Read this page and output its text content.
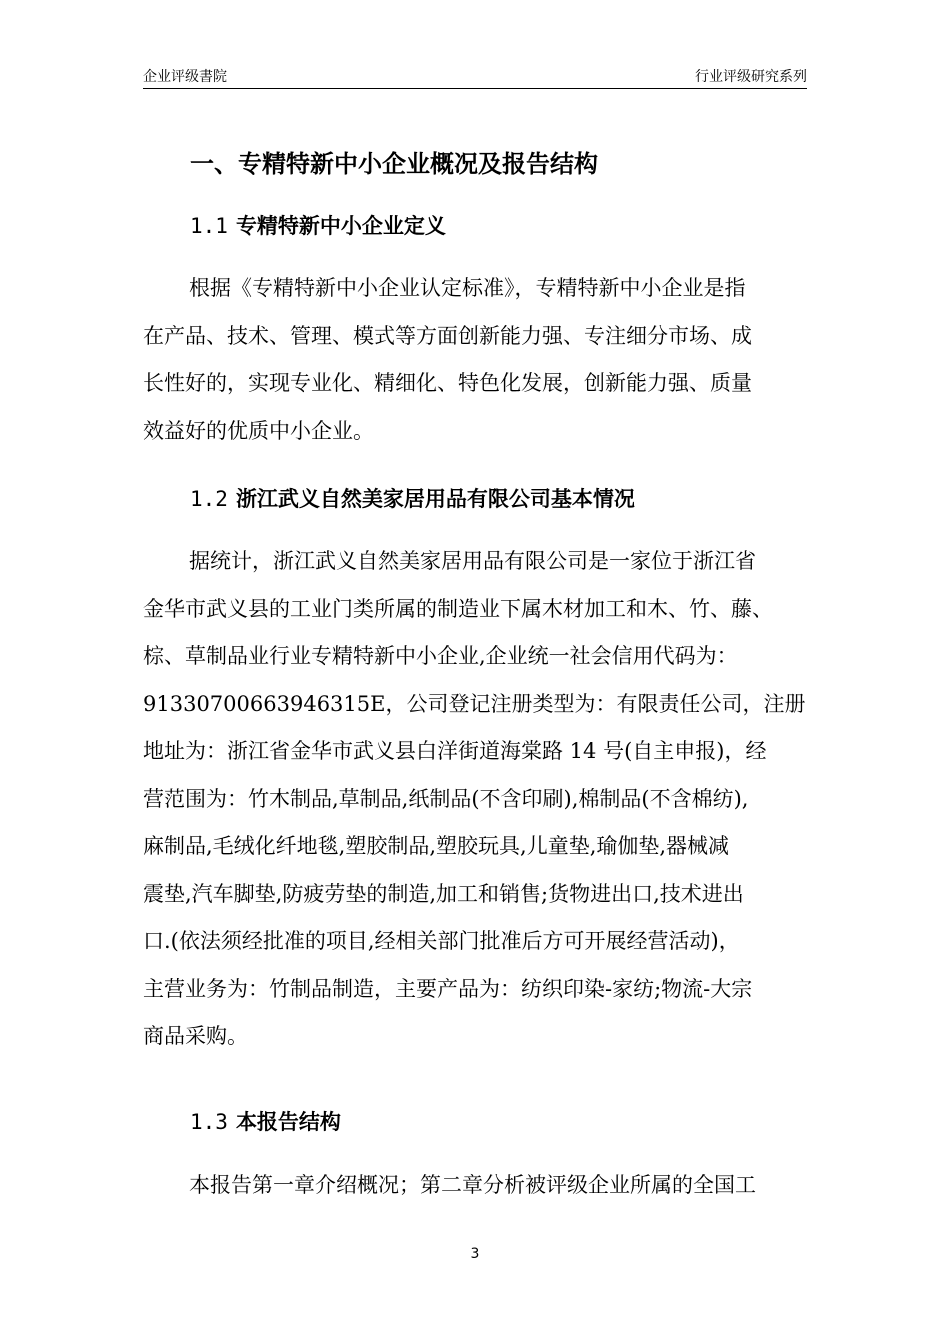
企业评级書院	行业评级研究系列
一、专精特新中小企业概况及报告结构
1.1 专精特新中小企业定义
根据《专精特新中小企业认定标准》，专精特新中小企业是指
在产品、技术、管理、模式等方面创新能力强、专注细分市场、成
长性好的，实现专业化、精细化、特色化发展，创新能力强、质量
效益好的优质中小企业。
1.2 浙江武义自然美家居用品有限公司基本情况
据统计，浙江武义自然美家居用品有限公司是一家位于浙江省
金华市武义县的工业门类所属的制造业下属木材加工和木、竹、藤、
棕、草制品业行业专精特新中小企业,企业统一社会信用代码为：
91330700663946315E，公司登记注册类型为：有限责任公司，注册
地址为：浙江省金华市武义县白洋街道海棠路 14 号(自主申报)，经
营范围为：竹木制品,草制品,纸制品(不含印刷),棉制品(不含棉纺),
麻制品,毛绒化纤地毯,塑胶制品,塑胶玩具,儿童垫,瑜伽垫,器械减
震垫,汽车脚垫,防疲劳垫的制造,加工和销售;货物进出口,技术进出
口.(依法须经批准的项目,经相关部门批准后方可开展经营活动)，
主营业务为：竹制品制造，主要产品为：纺织印染-家纺;物流-大宗
商品采购。
1.3 本报告结构
本报告第一章介绍概况；第二章分析被评级企业所属的全国工
3
